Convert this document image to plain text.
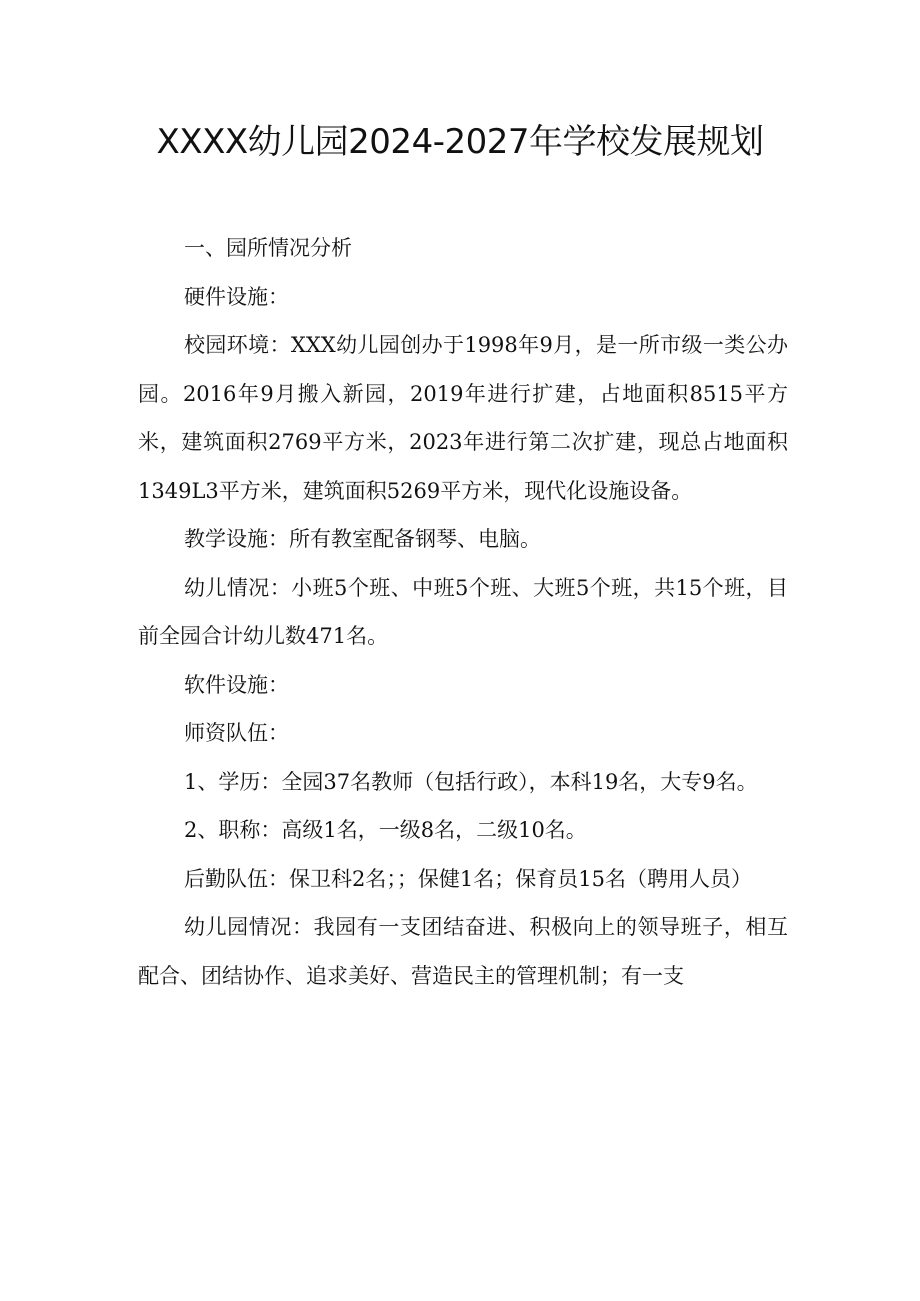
XXXX幼儿园2024-2027年学校发展规划

一、园所情况分析

硬件设施：

校园环境：XXX幼儿园创办于1998年9月，是一所市级一类公办园。2016年9月搬入新园，2019年进行扩建，占地面积8515平方米，建筑面积2769平方米，2023年进行第二次扩建，现总占地面积1349L3平方米，建筑面积5269平方米，现代化设施设备。

教学设施：所有教室配备钢琴、电脑。

幼儿情况：小班5个班、中班5个班、大班5个班，共15个班，目前全园合计幼儿数471名。

软件设施：

师资队伍：

1、学历：全园37名教师（包括行政），本科19名，大专9名。

2、职称：高级1名，一级8名，二级10名。

后勤队伍：保卫科2名；；保健1名；保育员15名（聘用人员）

幼儿园情况：我园有一支团结奋进、积极向上的领导班子，相互配合、团结协作、追求美好、营造民主的管理机制；有一支
